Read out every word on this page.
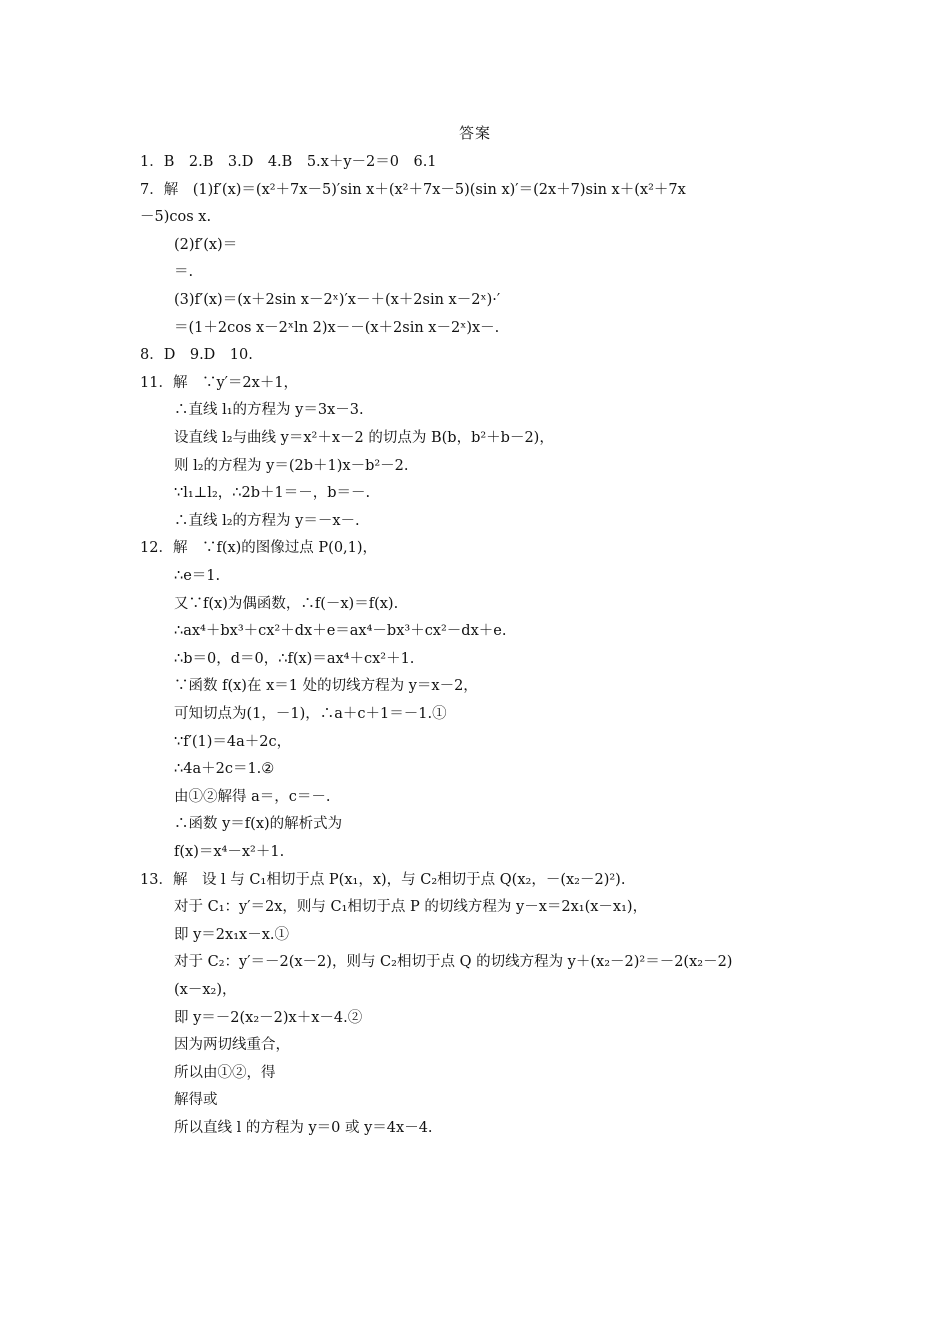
答案
1．B　2.B　3.D　4.B　5.x＋y－2＝0　6.1
7．解　(1)f′(x)＝(x²＋7x－5)′sin x＋(x²＋7x－5)(sin x)′＝(2x＋7)sin x＋(x²＋7x
－5)cos x.
(2)f′(x)＝
＝.
(3)f′(x)＝(x＋2sin x－2ˣ)′x－＋(x＋2sin x－2ˣ)·′
＝(1＋2cos x－2ˣln 2)x－－(x＋2sin x－2ˣ)x－.
8．D　9.D　10.
11．解　∵y′＝2x＋1，
∴直线 l₁的方程为 y＝3x－3.
设直线 l₂与曲线 y＝x²＋x－2 的切点为 B(b，b²＋b－2)，
则 l₂的方程为 y＝(2b＋1)x－b²－2.
∵l₁⊥l₂，∴2b＋1＝－，b＝－.
∴直线 l₂的方程为 y＝－x－.
12．解　∵f(x)的图像过点 P(0,1)，
∴e＝1.
又∵f(x)为偶函数，∴f(－x)＝f(x).
∴ax⁴＋bx³＋cx²＋dx＋e＝ax⁴－bx³＋cx²－dx＋e.
∴b＝0，d＝0，∴f(x)＝ax⁴＋cx²＋1.
∵函数 f(x)在 x＝1 处的切线方程为 y＝x－2，
可知切点为(1，－1)，∴a＋c＋1＝－1.①
∵f′(1)＝4a＋2c，
∴4a＋2c＝1.②
由①②解得 a＝，c＝－.
∴函数 y＝f(x)的解析式为
f(x)＝x⁴－x²＋1.
13．解　设 l 与 C₁相切于点 P(x₁，x)，与 C₂相切于点 Q(x₂，－(x₂－2)²).
对于 C₁：y′＝2x，则与 C₁相切于点 P 的切线方程为 y－x＝2x₁(x－x₁)，
即 y＝2x₁x－x.①
对于 C₂：y′＝－2(x－2)，则与 C₂相切于点 Q 的切线方程为 y＋(x₂－2)²＝－2(x₂－2)
(x－x₂)，
即 y＝－2(x₂－2)x＋x－4.②
因为两切线重合，
所以由①②，得
解得或
所以直线 l 的方程为 y＝0 或 y＝4x－4.
